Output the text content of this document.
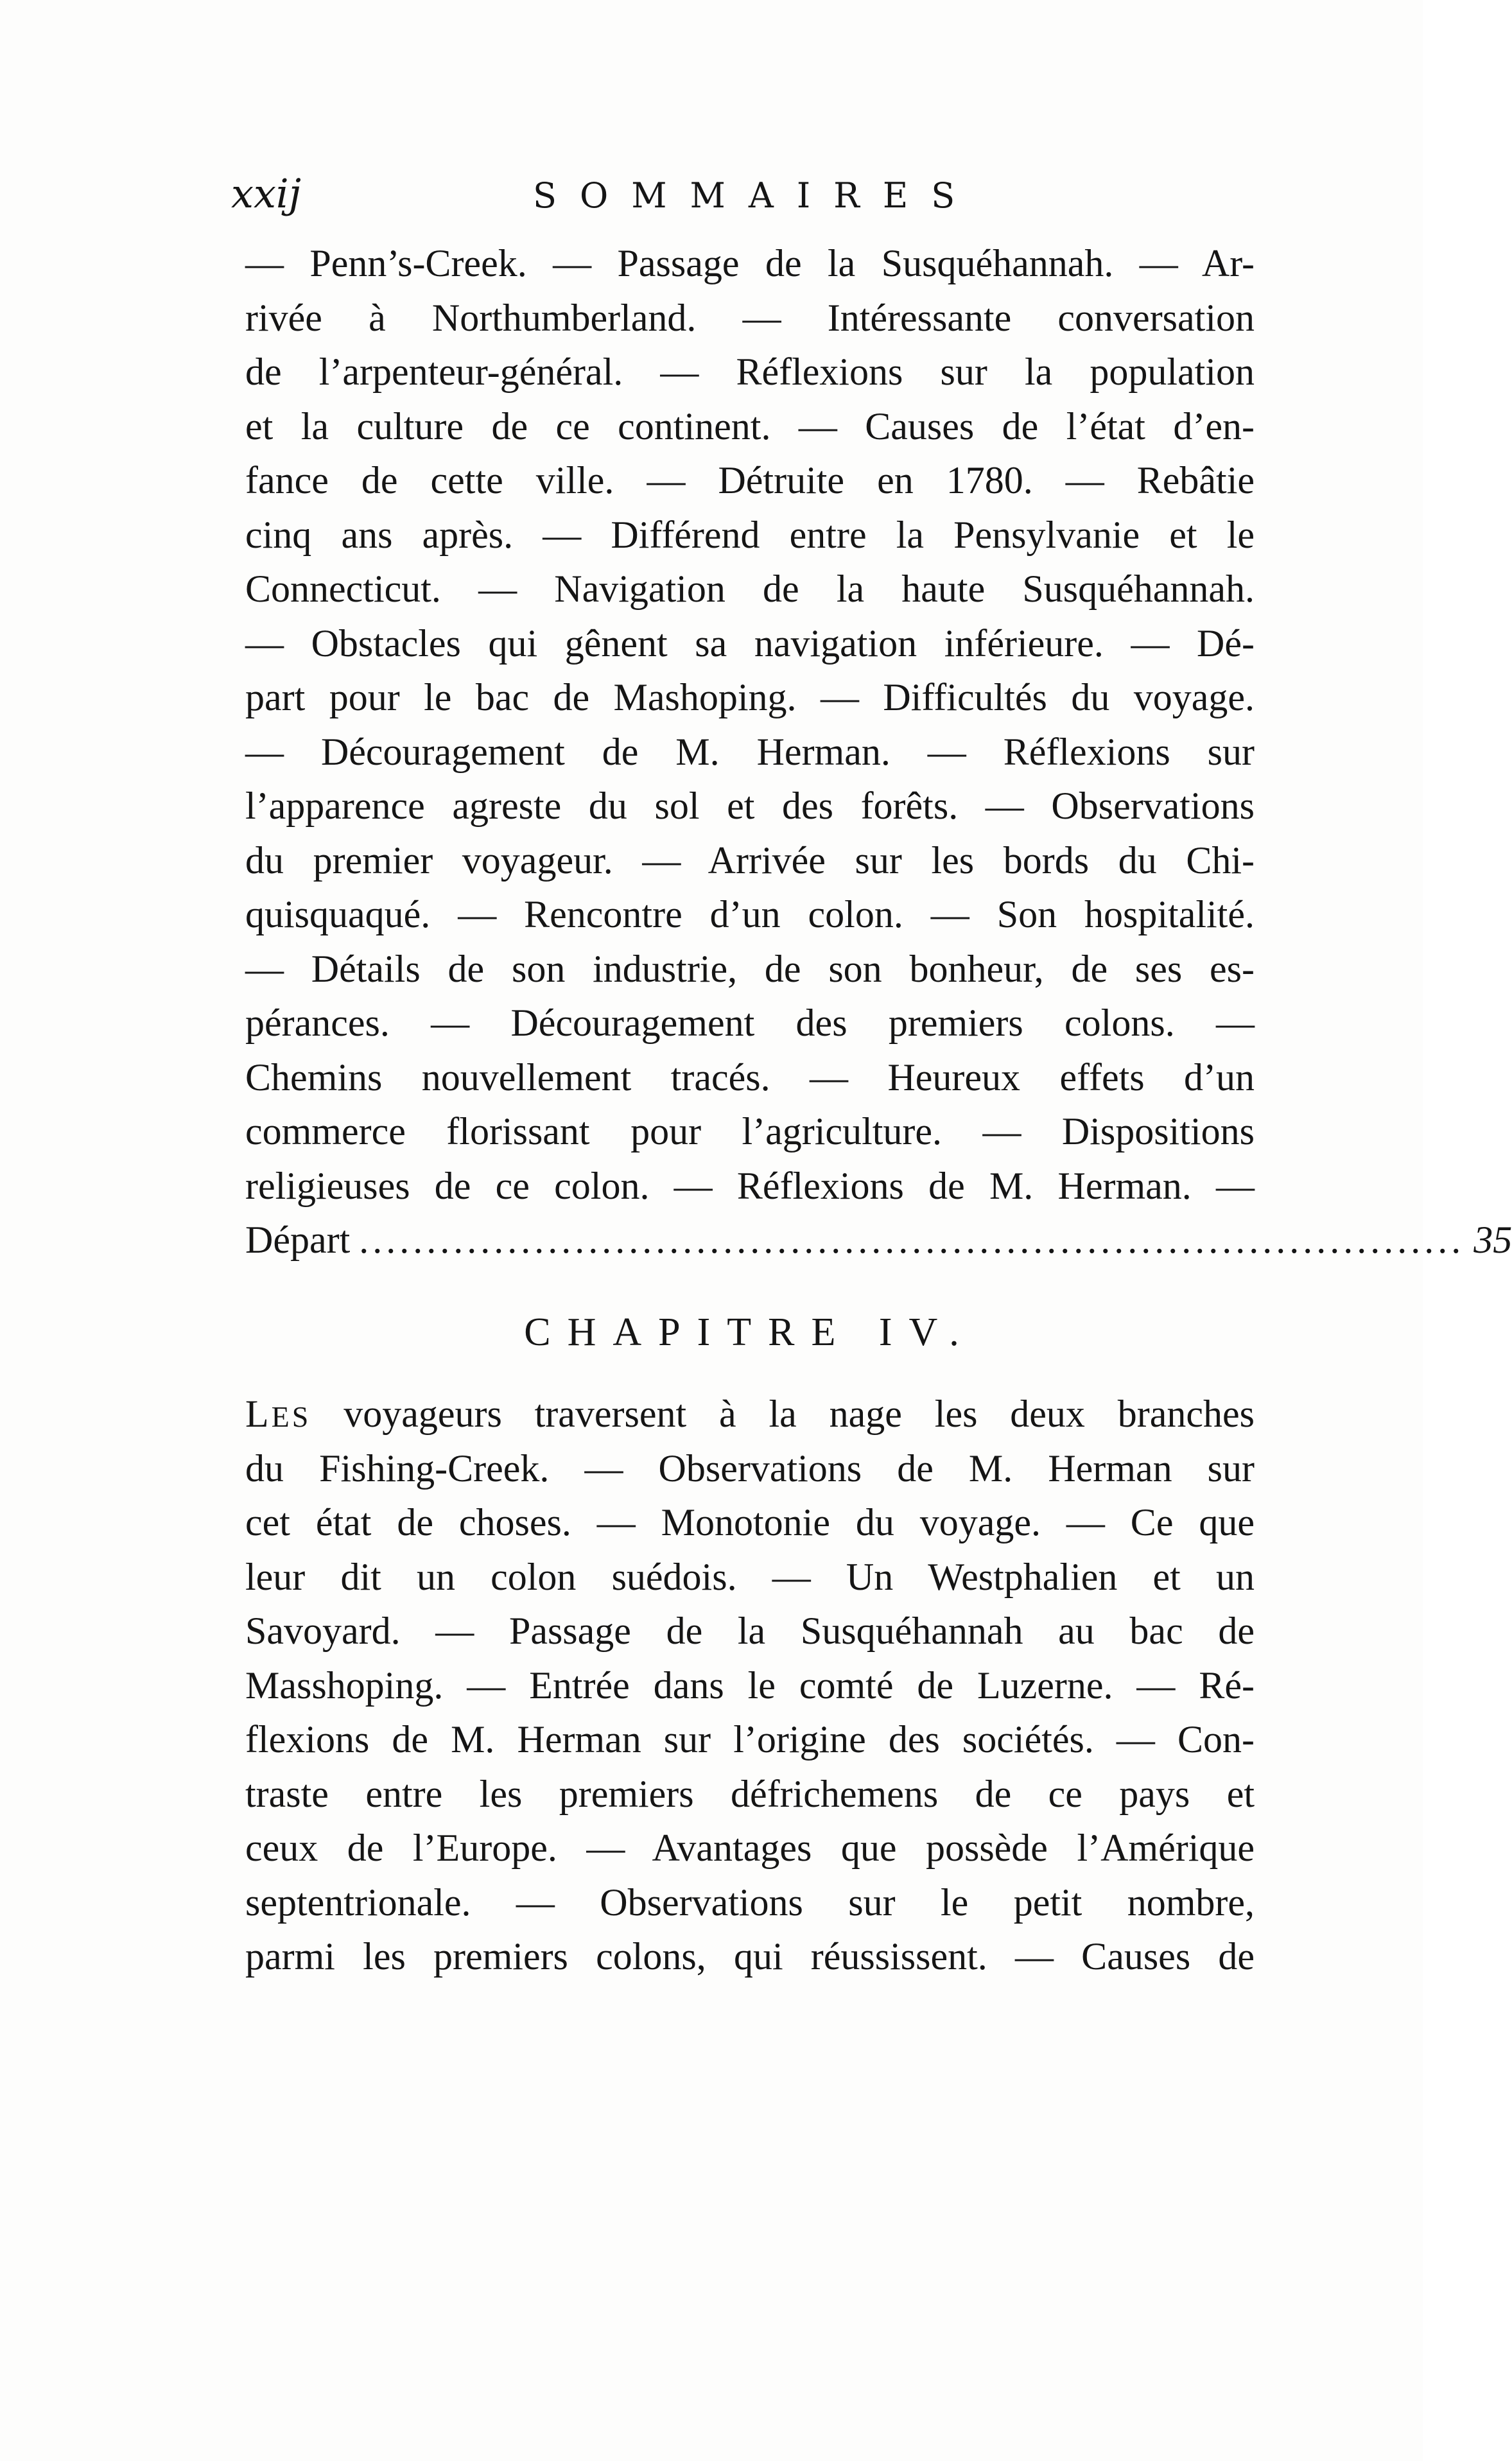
xxij	SOMMAIRES
— Penn’s-Creek. — Passage de la Susquéhannah. — Ar-
rivée à Northumberland. — Intéressante conversation
de l’arpenteur-général. — Réflexions sur la population
et la culture de ce continent. — Causes de l’état d’en-
fance de cette ville. — Détruite en 1780. — Rebâtie
cinq ans après. — Différend entre la Pensylvanie et le
Connecticut. — Navigation de la haute Susquéhannah.
— Obstacles qui gênent sa navigation inférieure. — Dé-
part pour le bac de Mashoping. — Difficultés du voyage.
— Découragement de M. Herman. — Réflexions sur
l’apparence agreste du sol et des forêts. — Observations
du premier voyageur. — Arrivée sur les bords du Chi-
quisquaqué. — Rencontre d’un colon. — Son hospitalité.
— Détails de son industrie, de son bonheur, de ses es-
pérances. — Découragement des premiers colons. —
Chemins nouvellement tracés. — Heureux effets d’un
commerce florissant pour l’agriculture. — Dispositions
religieuses de ce colon. — Réflexions de M. Herman. —
Départ .................................................................................. 35
CHAPITRE IV.
LES voyageurs traversent à la nage les deux branches
du Fishing-Creek. — Observations de M. Herman sur
cet état de choses. — Monotonie du voyage. — Ce que
leur dit un colon suédois. — Un Westphalien et un
Savoyard. — Passage de la Susquéhannah au bac de
Masshoping. — Entrée dans le comté de Luzerne. — Ré-
flexions de M. Herman sur l’origine des sociétés. — Con-
traste entre les premiers défrichemens de ce pays et
ceux de l’Europe. — Avantages que possède l’Amérique
septentrionale. — Observations sur le petit nombre,
parmi les premiers colons, qui réussissent. — Causes de
